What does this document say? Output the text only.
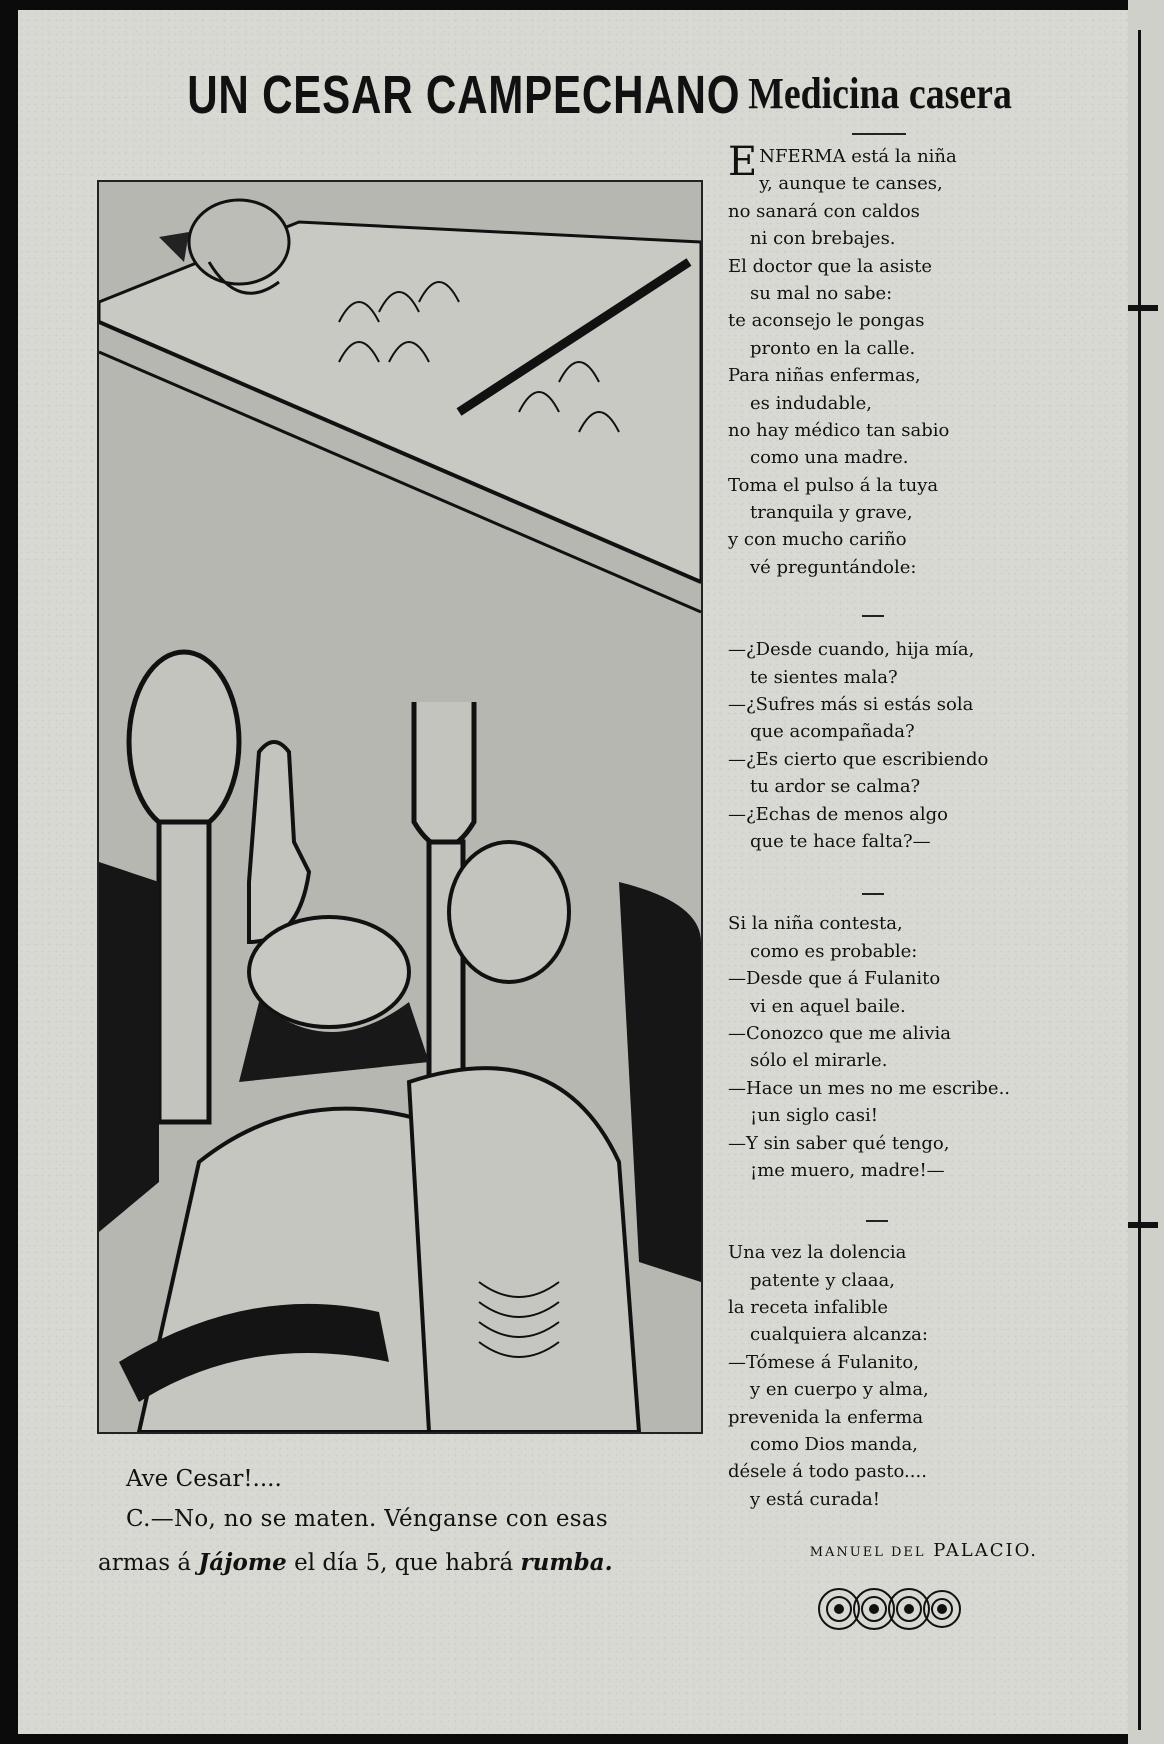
UN CESAR CAMPECHANO
Ave Cesar!....
C.—No, no se maten. Vénganse con esas
armas á Jájome el día 5, que habrá rumba.
Medicina casera
E NFERMA está la niña
y, aunque te canses,
no sanará con caldos
ni con brebajes.
El doctor que la asiste
su mal no sabe:
te aconsejo le pongas
pronto en la calle.
Para niñas enfermas,
es indudable,
no hay médico tan sabio
como una madre.
Toma el pulso á la tuya
tranquila y grave,
y con mucho cariño
vé preguntándole:
—¿Desde cuando, hija mía,
te sientes mala?
—¿Sufres más si estás sola
que acompañada?
—¿Es cierto que escribiendo
tu ardor se calma?
—¿Echas de menos algo
que te hace falta?—
Si la niña contesta,
como es probable:
—Desde que á Fulanito
vi en aquel baile.
—Conozco que me alivia
sólo el mirarle.
—Hace un mes no me escribe..
¡un siglo casi!
—Y sin saber qué tengo,
¡me muero, madre!—
Una vez la dolencia
patente y claaa,
la receta infalible
cualquiera alcanza:
—Tómese á Fulanito,
y en cuerpo y alma,
prevenida la enferma
como Dios manda,
désele á todo pasto....
y está curada!
MANUEL DEL PALACIO.
